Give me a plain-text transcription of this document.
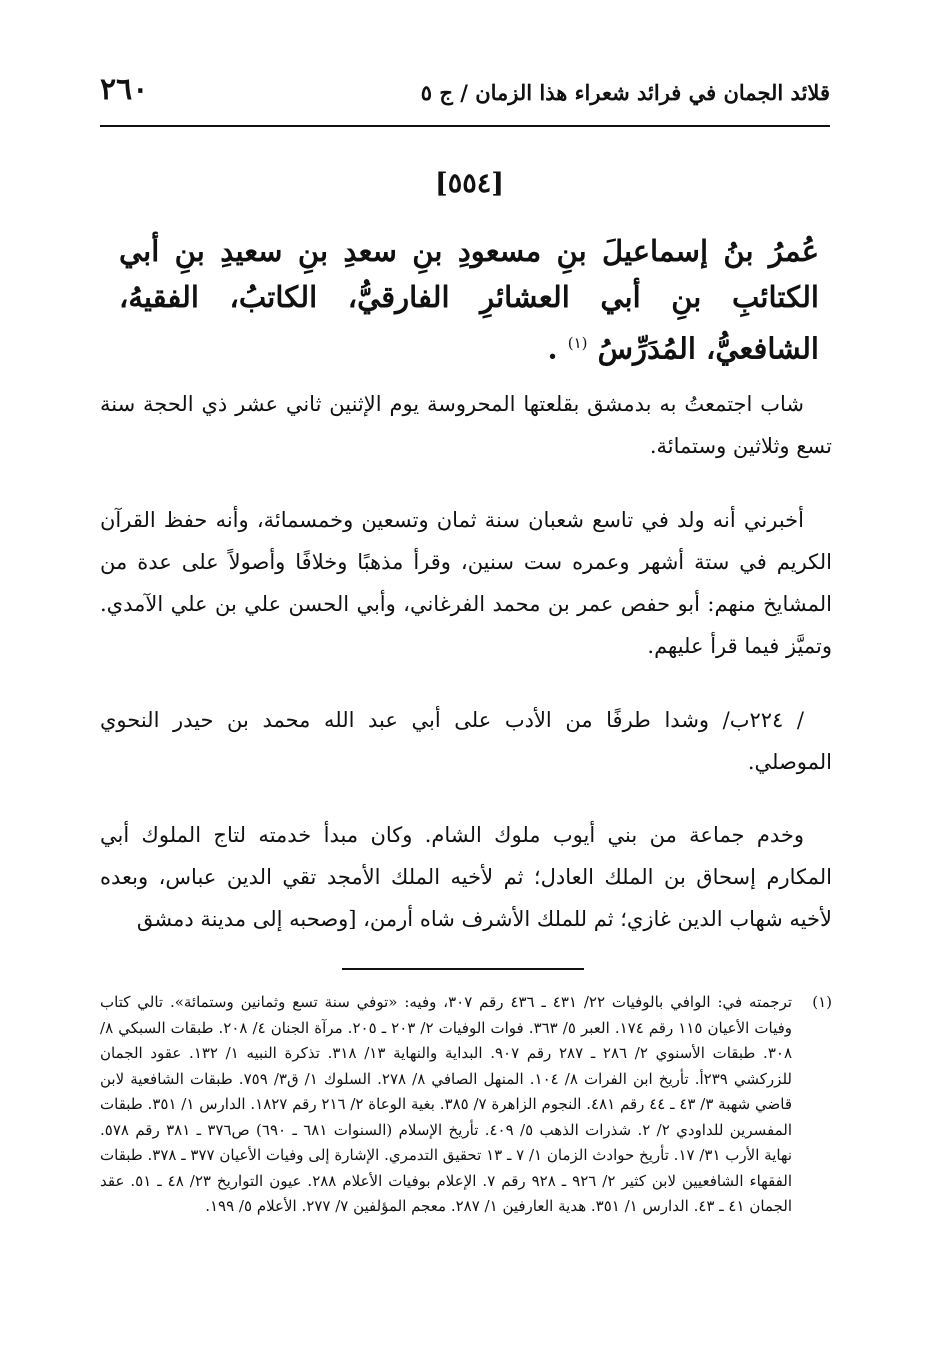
٢٦٠	قلائد الجمان في فرائد شعراء هذا الزمان / ج ٥
[٥٥٤]
عُمرُ بنُ إسماعيلَ بنِ مسعودِ بنِ سعدِ بنِ سعيدِ بنِ أبي الكتائبِ بنِ أبي العشائرِ الفارقيُّ، الكاتبُ، الفقيهُ، الشافعيُّ، المُدَرِّسُ $^{(١)}$ .

شاب اجتمعتُ به بدمشق بقلعتها المحروسة يوم الإثنين ثاني عشر ذي الحجة سنة تسع وثلاثين وستمائة.

أخبرني أنه ولد في تاسع شعبان سنة ثمان وتسعين وخمسمائة، وأنه حفظ القرآن الكريم في ستة أشهر وعمره ست سنين، وقرأ مذهبًا وخلافًا وأصولاً على عدة من المشايخ منهم: أبو حفص عمر بن محمد الفرغاني، وأبي الحسن علي بن علي الآمدي. وتميَّز فيما قرأ عليهم.

/ ٢٢٤ب/ وشدا طرفًا من الأدب على أبي عبد الله محمد بن حيدر النحوي الموصلي.

وخدم جماعة من بني أيوب ملوك الشام. وكان مبدأ خدمته لتاج الملوك أبي المكارم إسحاق بن الملك العادل؛ ثم لأخيه الملك الأمجد تقي الدين عباس، وبعده لأخيه شهاب الدين غازي؛ ثم للملك الأشرف شاه أرمن، [وصحبه إلى مدينة دمشق

(١)
ترجمته في: الوافي بالوفيات ٢٢/ ٤٣١ ـ ٤٣٦ رقم ٣٠٧، وفيه: «توفي سنة تسع وثمانين وستمائة». تالي كتاب وفيات الأعيان ١١٥ رقم ١٧٤. العبر ٥/ ٣٦٣. فوات الوفيات ٢/ ٢٠٣ ـ ٢٠٥. مرآة الجنان ٤/ ٢٠٨. طبقات السبكي ٨/ ٣٠٨. طبقات الأسنوي ٢/ ٢٨٦ ـ ٢٨٧ رقم ٩٠٧. البداية والنهاية ١٣/ ٣١٨. تذكرة النبيه ١/ ١٣٢. عقود الجمان للزركشي ٢٣٩أ. تأريخ ابن الفرات ٨/ ١٠٤. المنهل الصافي ٨/ ٢٧٨. السلوك ١/ ق٣/ ٧٥٩. طبقات الشافعية لابن قاضي شهبة ٣/ ٤٣ ـ ٤٤ رقم ٤٨١. النجوم الزاهرة ٧/ ٣٨٥. بغية الوعاة ٢/ ٢١٦ رقم ١٨٢٧. الدارس ١/ ٣٥١. طبقات المفسرين للداودي ٢/ ٢. شذرات الذهب ٥/ ٤٠٩. تأريخ الإسلام (السنوات ٦٨١ ـ ٦٩٠) ص٣٧٦ ـ ٣٨١ رقم ٥٧٨. نهاية الأرب ٣١/ ١٧. تأريخ حوادث الزمان ١/ ٧ ـ ١٣ تحقيق التدمري. الإشارة إلى وفيات الأعيان ٣٧٧ ـ ٣٧٨. طبقات الفقهاء الشافعيين لابن كثير ٢/ ٩٢٦ ـ ٩٢٨ رقم ٧. الإعلام بوفيات الأعلام ٢٨٨. عيون التواريخ ٢٣/ ٤٨ ـ ٥١. عقد الجمان ٤١ ـ ٤٣. الدارس ١/ ٣٥١. هدية العارفين ١/ ٢٨٧. معجم المؤلفين ٧/ ٢٧٧. الأعلام ٥/ ١٩٩.
